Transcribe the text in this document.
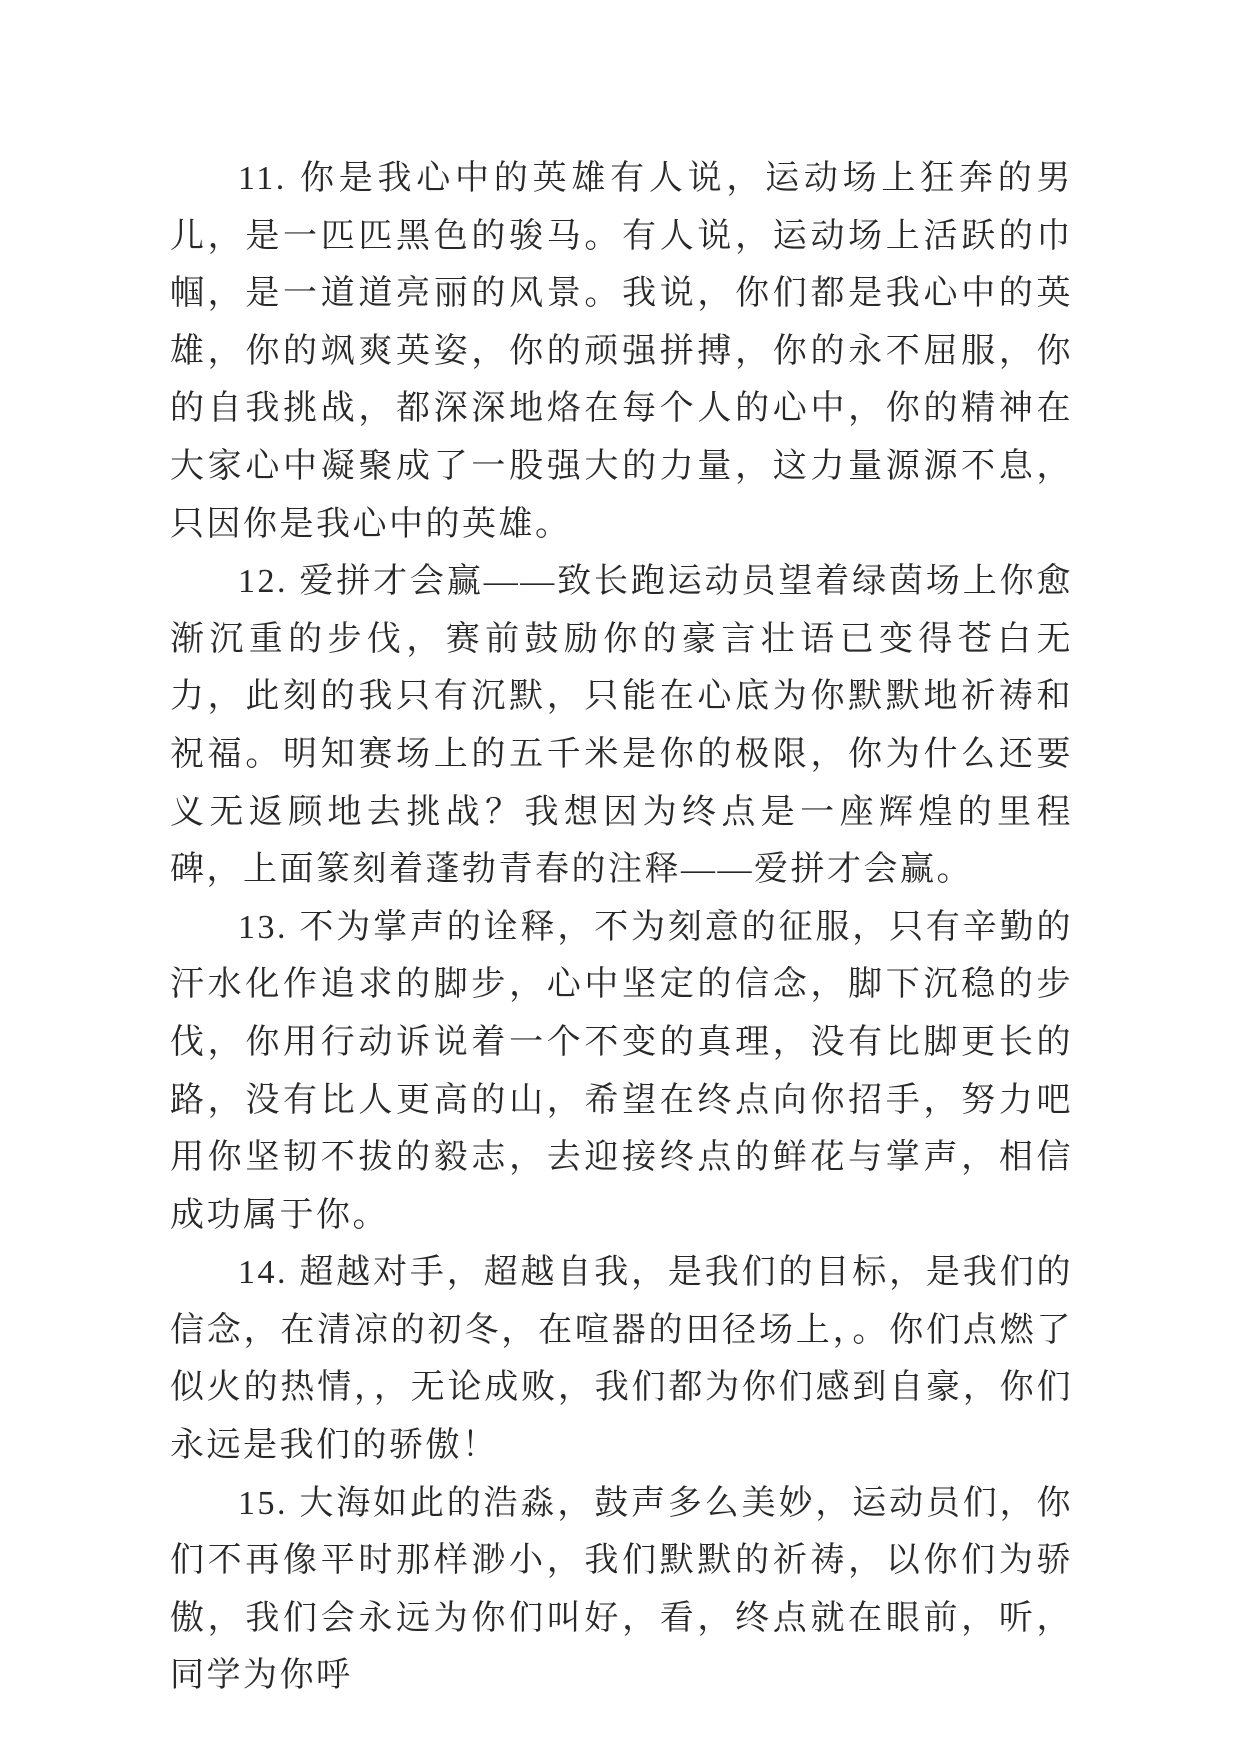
11. 你是我心中的英雄有人说，运动场上狂奔的男儿，是一匹匹黑色的骏马。有人说，运动场上活跃的巾帼，是一道道亮丽的风景。我说，你们都是我心中的英雄，你的飒爽英姿，你的顽强拼搏，你的永不屈服，你的自我挑战，都深深地烙在每个人的心中，你的精神在大家心中凝聚成了一股强大的力量，这力量源源不息，只因你是我心中的英雄。

12. 爱拼才会赢——致长跑运动员望着绿茵场上你愈渐沉重的步伐，赛前鼓励你的豪言壮语已变得苍白无力，此刻的我只有沉默，只能在心底为你默默地祈祷和祝福。明知赛场上的五千米是你的极限，你为什么还要义无返顾地去挑战？我想因为终点是一座辉煌的里程碑，上面篆刻着蓬勃青春的注释——爱拼才会赢。

13. 不为掌声的诠释，不为刻意的征服，只有辛勤的汗水化作追求的脚步，心中坚定的信念，脚下沉稳的步伐，你用行动诉说着一个不变的真理，没有比脚更长的路，没有比人更高的山，希望在终点向你招手，努力吧用你坚韧不拔的毅志，去迎接终点的鲜花与掌声，相信成功属于你。

14. 超越对手，超越自我，是我们的目标，是我们的信念，在清凉的初冬，在喧器的田径场上，。你们点燃了似火的热情，，无论成败，我们都为你们感到自豪，你们永远是我们的骄傲！

15. 大海如此的浩淼，鼓声多么美妙，运动员们，你们不再像平时那样渺小，我们默默的祈祷，以你们为骄傲，我们会永远为你们叫好，看，终点就在眼前，听，同学为你呼
